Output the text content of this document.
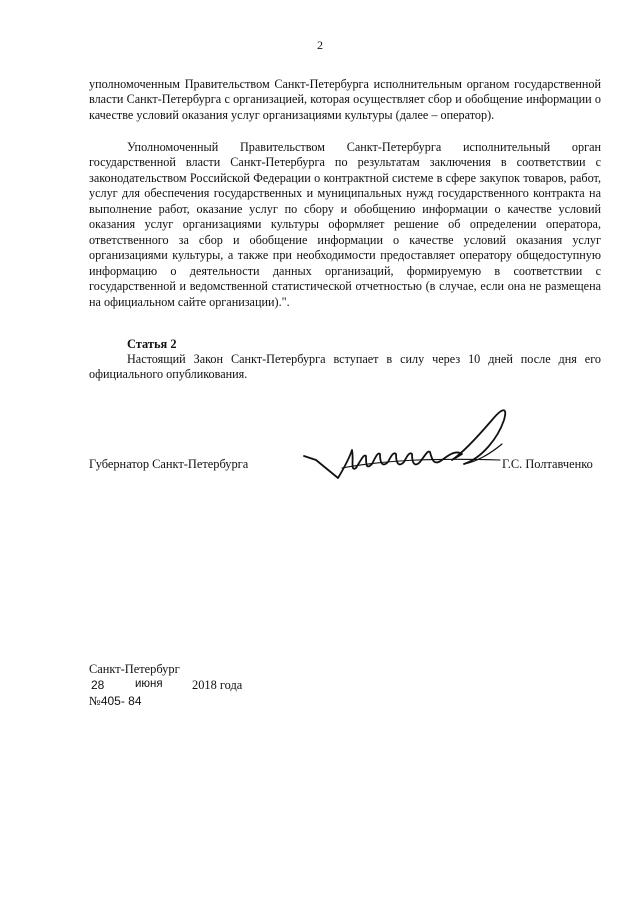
2

уполномоченным Правительством Санкт-Петербурга исполнительным органом государственной власти Санкт-Петербурга с организацией, которая осуществляет сбор и обобщение информации о качестве условий оказания услуг организациями культуры (далее – оператор).

Уполномоченный Правительством Санкт-Петербурга исполнительный орган государственной власти Санкт-Петербурга по результатам заключения в соответствии с законодательством Российской Федерации о контрактной системе в сфере закупок товаров, работ, услуг для обеспечения государственных и муниципальных нужд государственного контракта на выполнение работ, оказание услуг по сбору и обобщению информации о качестве условий оказания услуг организациями культуры оформляет решение об определении оператора, ответственного за сбор и обобщение информации о качестве условий оказания услуг организациями культуры, а также при необходимости предоставляет оператору общедоступную информацию о деятельности данных организаций, формируемую в соответствии с государственной и ведомственной статистической отчетностью (в случае, если она не размещена на официальном сайте организации).".

Статья 2

Настоящий Закон Санкт-Петербурга вступает в силу через 10 дней после дня его официального опубликования.

Губернатор Санкт-Петербурга	Г.С. Полтавченко
Санкт-Петербург
28	июня 2018 года
№405- 84
